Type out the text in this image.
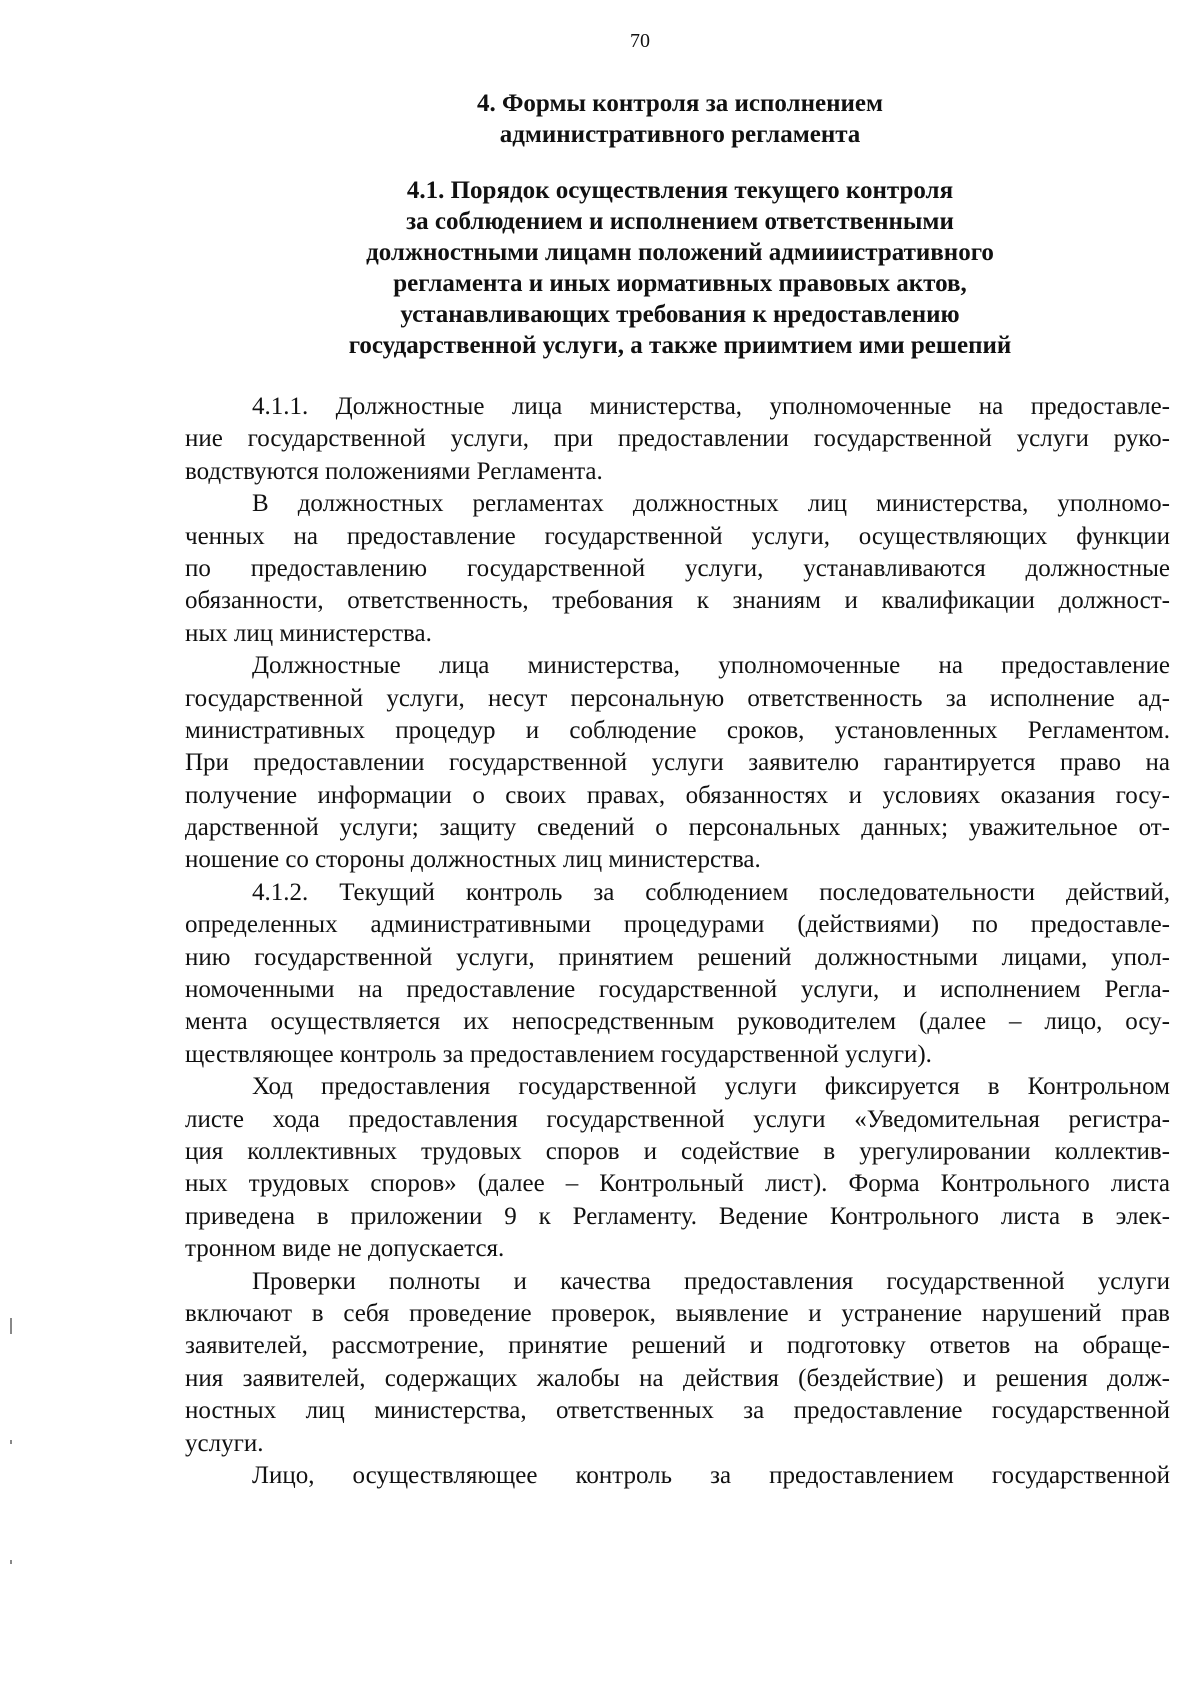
70
4. Формы контроля за исполнением
административного регламента
4.1. Порядок осуществления текущего контроля
за соблюдением и исполнением ответственными
должностными лицамн положений адмииистративного
регламента и иных иормативных правовых актов,
устанавливающих требования к нредоставлению
государственной услуги, а также приимтием ими решепий
4.1.1. Должностные лица министерства, уполномоченные на предоставле-
ние государственной услуги, при предоставлении государственной услуги руко-
водствуются положениями Регламента.
В должностных регламентах должностных лиц министерства, уполномо-
ченных на предоставление государственной услуги, осуществляющих функции
по предоставлению государственной услуги, устанавливаются должностные
обязанности, ответственность, требования к знаниям и квалификации должност-
ных лиц министерства.
Должностные лица министерства, уполномоченные на предоставление
государственной услуги, несут персональную ответственность за исполнение ад-
министративных процедур и соблюдение сроков, установленных Регламентом.
При предоставлении государственной услуги заявителю гарантируется право на
получение информации о своих правах, обязанностях и условиях оказания госу-
дарственной услуги; защиту сведений о персональных данных; уважительное от-
ношение со стороны должностных лиц министерства.
4.1.2. Текущий контроль за соблюдением последовательности действий,
определенных административными процедурами (действиями) по предоставле-
нию государственной услуги, принятием решений должностными лицами, упол-
номоченными на предоставление государственной услуги, и исполнением Регла-
мента осуществляется их непосредственным руководителем (далее – лицо, осу-
ществляющее контроль за предоставлением государственной услуги).
Ход предоставления государственной услуги фиксируется в Контрольном
листе хода предоставления государственной услуги «Уведомительная регистра-
ция коллективных трудовых споров и содействие в урегулировании коллектив-
ных трудовых споров» (далее – Контрольный лист). Форма Контрольного листа
приведена в приложении 9 к Регламенту. Ведение Контрольного листа в элек-
тронном виде не допускается.
Проверки полноты и качества предоставления государственной услуги
включают в себя проведение проверок, выявление и устранение нарушений прав
заявителей, рассмотрение, принятие решений и подготовку ответов на обраще-
ния заявителей, содержащих жалобы на действия (бездействие) и решения долж-
ностных лиц министерства, ответственных за предоставление государственной
услуги.
Лицо, осуществляющее контроль за предоставлением государственной
